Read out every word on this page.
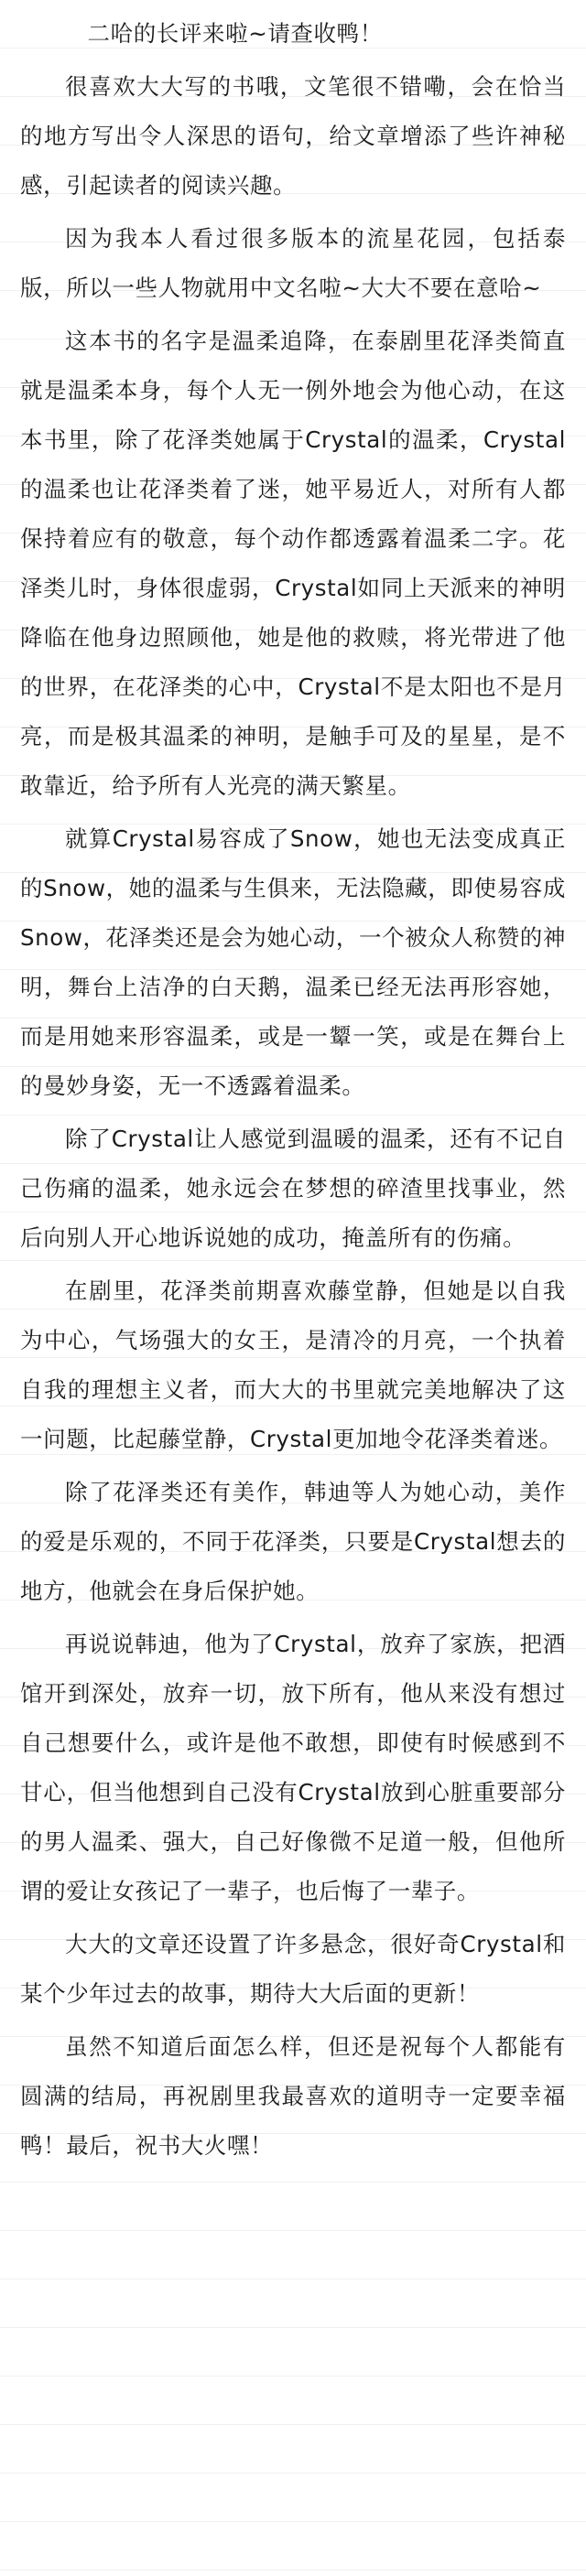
二哈的长评来啦~请查收鸭！

很喜欢大大写的书哦，文笔很不错嘞，会在恰当的地方写出令人深思的语句，给文章增添了些许神秘感，引起读者的阅读兴趣。

因为我本人看过很多版本的流星花园，包括泰版，所以一些人物就用中文名啦~大大不要在意哈~

这本书的名字是温柔追降，在泰剧里花泽类简直就是温柔本身，每个人无一例外地会为他心动，在这本书里，除了花泽类她属于Crystal的温柔，Crystal的温柔也让花泽类着了迷，她平易近人，对所有人都保持着应有的敬意，每个动作都透露着温柔二字。花泽类儿时，身体很虚弱，Crystal如同上天派来的神明降临在他身边照顾他，她是他的救赎，将光带进了他的世界，在花泽类的心中，Crystal不是太阳也不是月亮，而是极其温柔的神明，是触手可及的星星，是不敢靠近，给予所有人光亮的满天繁星。

就算Crystal易容成了Snow，她也无法变成真正的Snow，她的温柔与生俱来，无法隐藏，即使易容成Snow，花泽类还是会为她心动，一个被众人称赞的神明，舞台上洁净的白天鹅，温柔已经无法再形容她，而是用她来形容温柔，或是一颦一笑，或是在舞台上的曼妙身姿，无一不透露着温柔。

除了Crystal让人感觉到温暖的温柔，还有不记自己伤痛的温柔，她永远会在梦想的碎渣里找事业，然后向别人开心地诉说她的成功，掩盖所有的伤痛。

在剧里，花泽类前期喜欢藤堂静，但她是以自我为中心，气场强大的女王，是清冷的月亮，一个执着自我的理想主义者，而大大的书里就完美地解决了这一问题，比起藤堂静，Crystal更加地令花泽类着迷。

除了花泽类还有美作，韩迪等人为她心动，美作的爱是乐观的，不同于花泽类，只要是Crystal想去的地方，他就会在身后保护她。

再说说韩迪，他为了Crystal，放弃了家族，把酒馆开到深处，放弃一切，放下所有，他从来没有想过自己想要什么，或许是他不敢想，即使有时候感到不甘心，但当他想到自己没有Crystal放到心脏重要部分的男人温柔、强大，自己好像微不足道一般，但他所谓的爱让女孩记了一辈子，也后悔了一辈子。

大大的文章还设置了许多悬念，很好奇Crystal和某个少年过去的故事，期待大大后面的更新！

虽然不知道后面怎么样，但还是祝每个人都能有圆满的结局，再祝剧里我最喜欢的道明寺一定要幸福鸭！最后，祝书大火嘿！
